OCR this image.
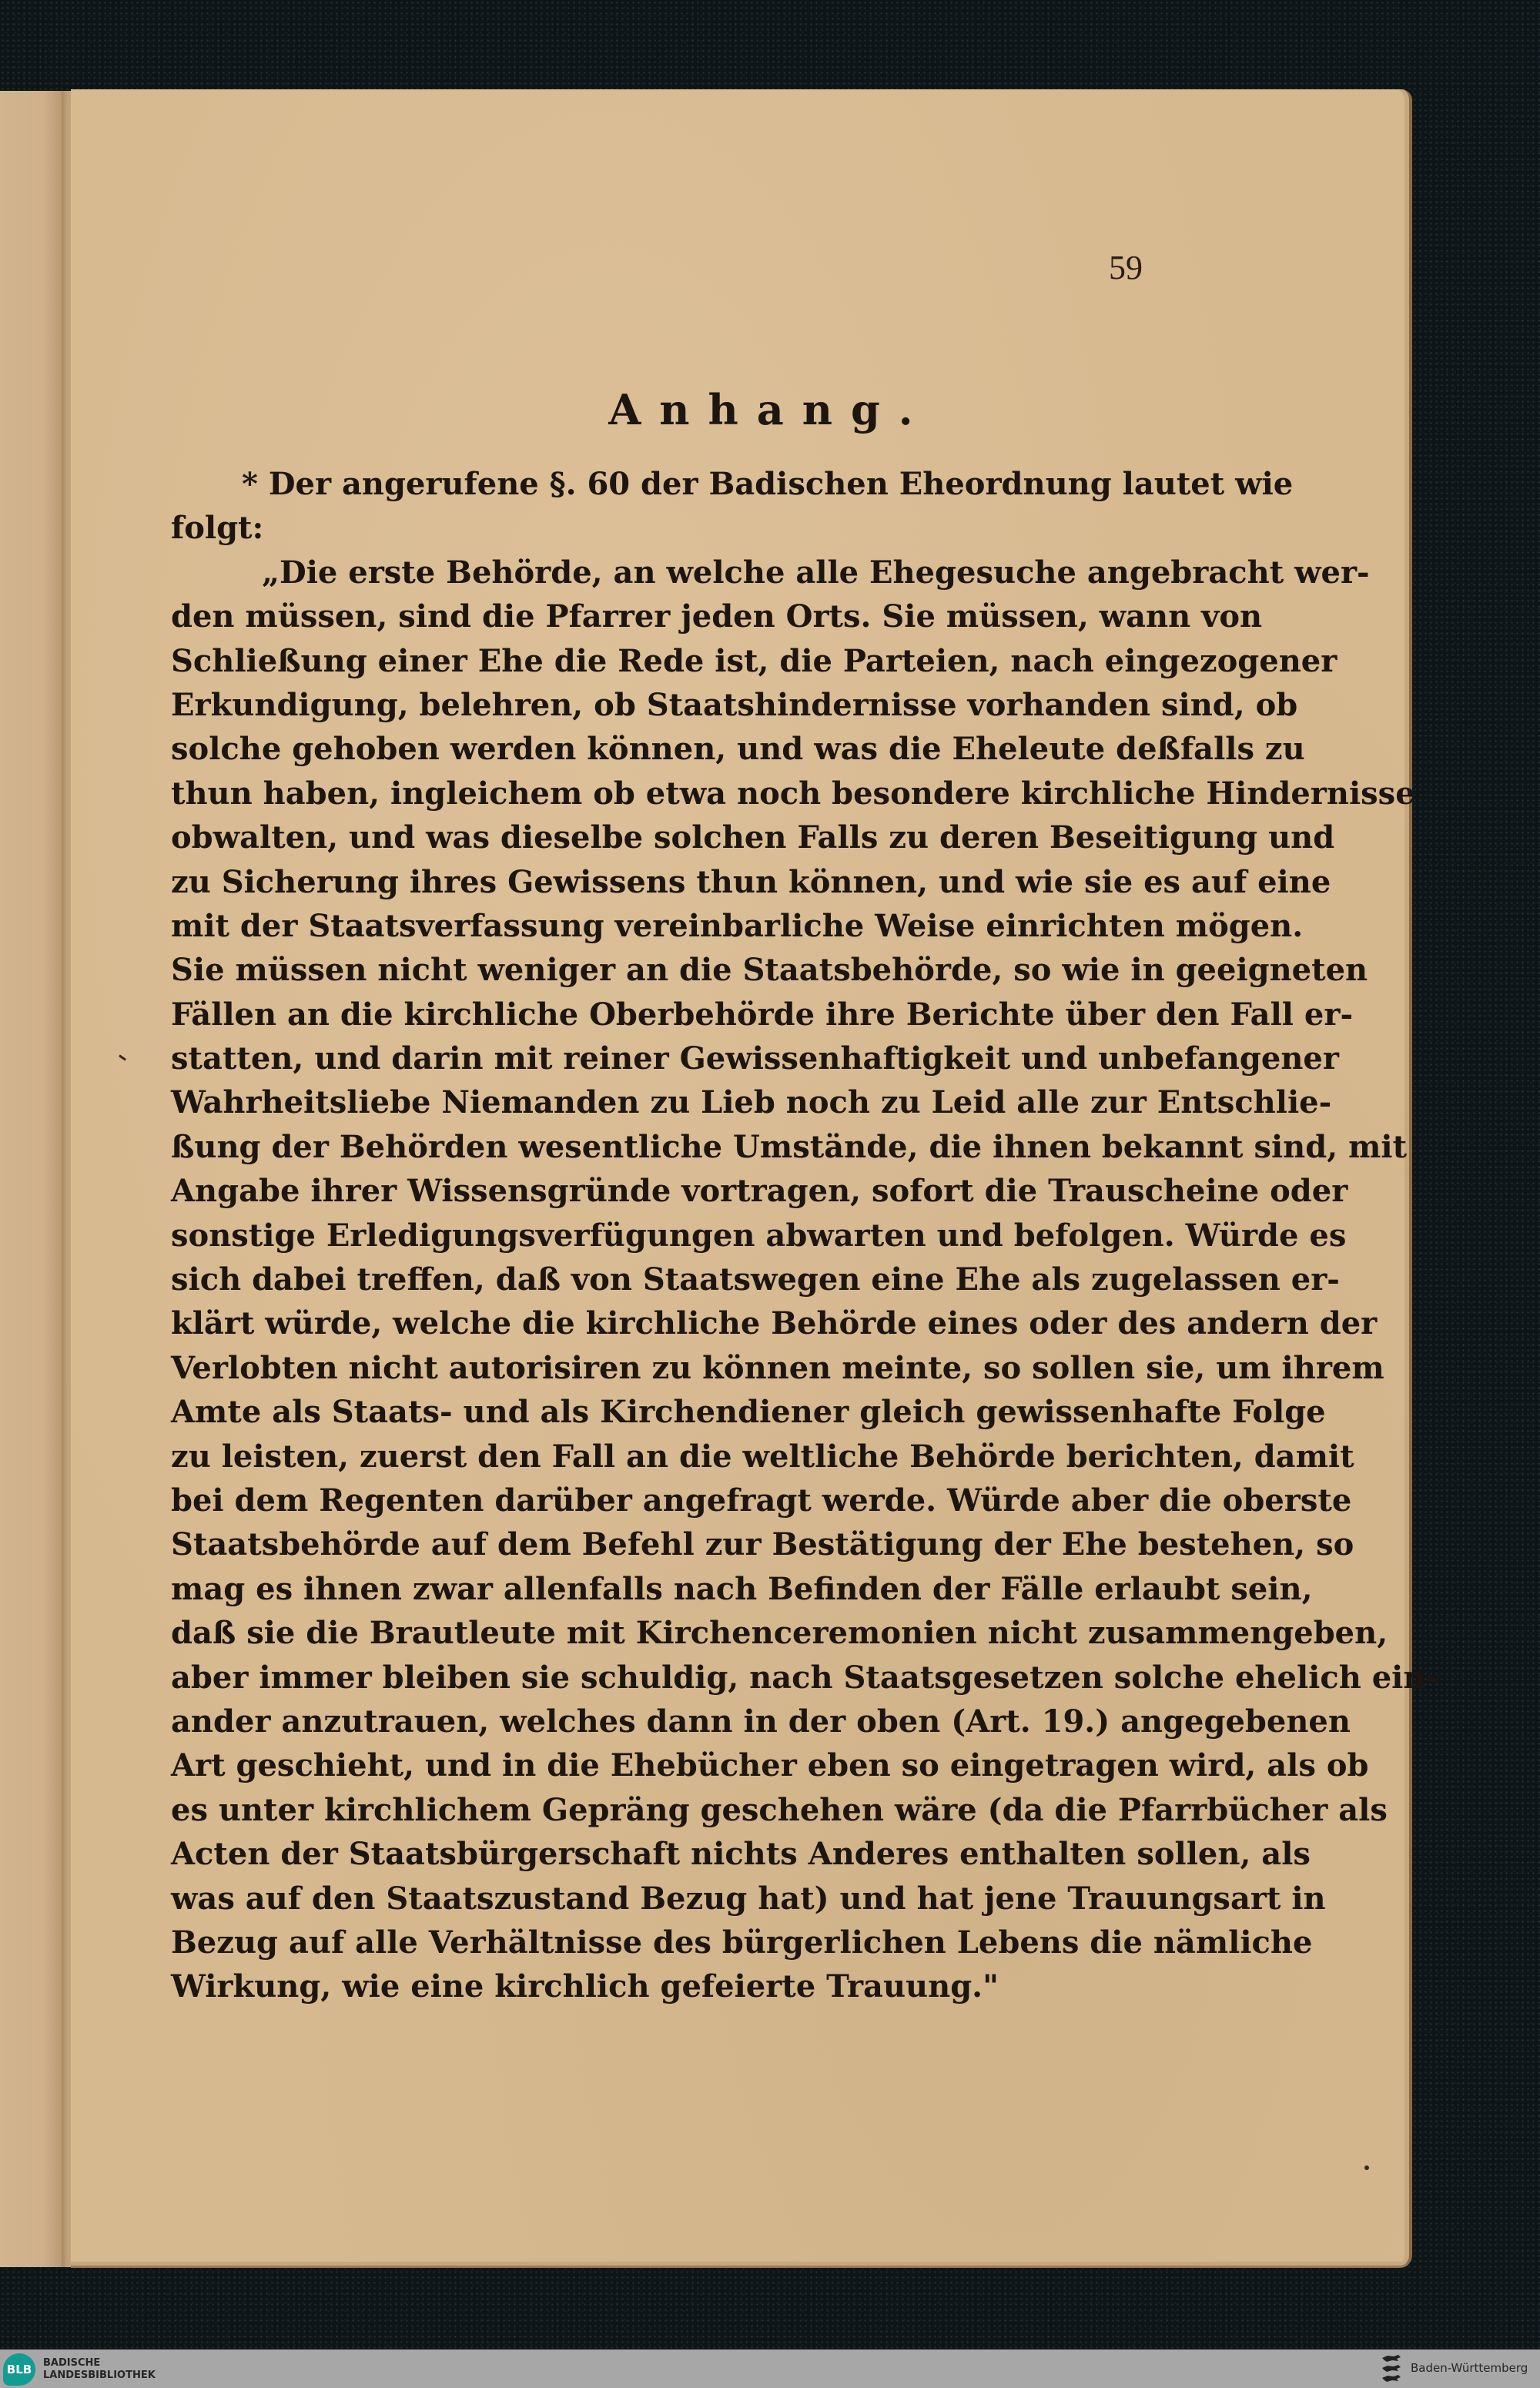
59
Anhang.
* Der angerufene §. 60 der Badischen Eheordnung lautet wie
folgt:
„Die erste Behörde, an welche alle Ehegesuche angebracht wer-
den müssen, sind die Pfarrer jeden Orts. Sie müssen, wann von
Schließung einer Ehe die Rede ist, die Parteien, nach eingezogener
Erkundigung, belehren, ob Staatshindernisse vorhanden sind, ob
solche gehoben werden können, und was die Eheleute deßfalls zu
thun haben, ingleichem ob etwa noch besondere kirchliche Hindernisse
obwalten, und was dieselbe solchen Falls zu deren Beseitigung und
zu Sicherung ihres Gewissens thun können, und wie sie es auf eine
mit der Staatsverfassung vereinbarliche Weise einrichten mögen.
Sie müssen nicht weniger an die Staatsbehörde, so wie in geeigneten
Fällen an die kirchliche Oberbehörde ihre Berichte über den Fall er-
statten, und darin mit reiner Gewissenhaftigkeit und unbefangener
Wahrheitsliebe Niemanden zu Lieb noch zu Leid alle zur Entschlie-
ßung der Behörden wesentliche Umstände, die ihnen bekannt sind, mit
Angabe ihrer Wissensgründe vortragen, sofort die Trauscheine oder
sonstige Erledigungsverfügungen abwarten und befolgen. Würde es
sich dabei treffen, daß von Staatswegen eine Ehe als zugelassen er-
klärt würde, welche die kirchliche Behörde eines oder des andern der
Verlobten nicht autorisiren zu können meinte, so sollen sie, um ihrem
Amte als Staats- und als Kirchendiener gleich gewissenhafte Folge
zu leisten, zuerst den Fall an die weltliche Behörde berichten, damit
bei dem Regenten darüber angefragt werde. Würde aber die oberste
Staatsbehörde auf dem Befehl zur Bestätigung der Ehe bestehen, so
mag es ihnen zwar allenfalls nach Befinden der Fälle erlaubt sein,
daß sie die Brautleute mit Kirchenceremonien nicht zusammengeben,
aber immer bleiben sie schuldig, nach Staatsgesetzen solche ehelich ein-
ander anzutrauen, welches dann in der oben (Art. 19.) angegebenen
Art geschieht, und in die Ehebücher eben so eingetragen wird, als ob
es unter kirchlichem Gepräng geschehen wäre (da die Pfarrbücher als
Acten der Staatsbürgerschaft nichts Anderes enthalten sollen, als
was auf den Staatszustand Bezug hat) und hat jene Trauungsart in
Bezug auf alle Verhältnisse des bürgerlichen Lebens die nämliche
Wirkung, wie eine kirchlich gefeierte Trauung."
BLB	BADISCHE
LANDESBIBLIOTHEK
Baden-Württemberg
